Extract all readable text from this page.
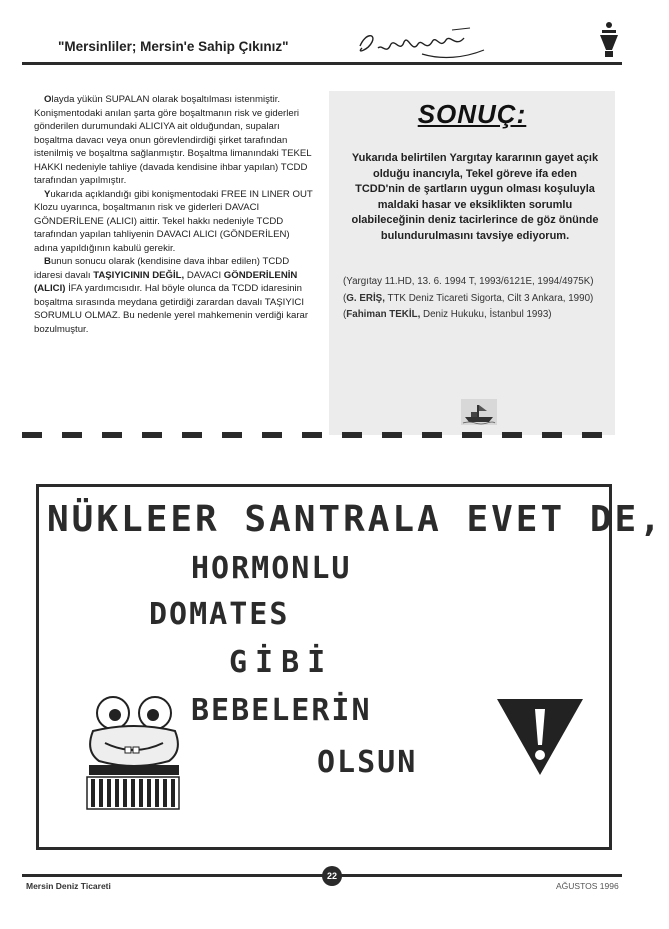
"Mersinliler; Mersin'e Sahip Çıkınız"

Olayda yükün SUPALAN olarak boşaltılması istenmiştir. Konişmentodaki anılan şarta göre boşaltmanın risk ve giderleri gönderilen durumundaki ALICIYA ait olduğundan, supaları boşaltma davacı veya onun görevlendirdiği şirket tarafından istenilmiş ve boşaltma sağlanmıştır. Boşaltma limanındaki TEKEL HAKKI nedeniyle tahliye (davada kendisine ihbar yapılan) TCDD tarafından yapılmıştır.

Yukarıda açıklandığı gibi konişmentodaki FREE IN LINER OUT Klozu uyarınca, boşaltmanın risk ve giderleri DAVACI GÖNDERİLENE (ALICI) aittir. Tekel hakkı nedeniyle TCDD tarafından yapılan tahliyenin DAVACI ALICI (GÖNDERİLEN) adına yapıldığının kabulü gerekir.

Bunun sonucu olarak (kendisine dava ihbar edilen) TCDD idaresi davalı TAŞIYICININ DEĞİL, DAVACI GÖNDERİLENİN (ALICI) İFA yardımcısıdır. Hal böyle olunca da TCDD idaresinin boşaltma sırasında meydana getirdiği zarardan davalı TAŞIYICI SORUMLU OLMAZ. Bu nedenle yerel mahkemenin verdiği karar bozulmuştur.

SONUÇ:
Yukarıda belirtilen Yargıtay kararının gayet açık olduğu inancıyla, Tekel göreve ifa eden TCDD'nin de şartların uygun olması koşuluyla maldaki hasar ve eksiklikten sorumlu olabileceğinin deniz tacirlerince de göz önünde bulundurulmasını tavsiye ediyorum.
(Yargıtay 11.HD, 13. 6. 1994 T, 1993/6121E, 1994/4975K)
(G. ERİŞ, TTK Deniz Ticareti Sigorta, Cilt 3 Ankara, 1990)
(Fahiman TEKİL, Deniz Hukuku, İstanbul 1993)
NÜKLEER SANTRALA EVET DE,
HORMONLU
DOMATES
GİBİ
BEBELERİN
OLSUN
Mersin Deniz Ticareti
22
AĞUSTOS 1996
